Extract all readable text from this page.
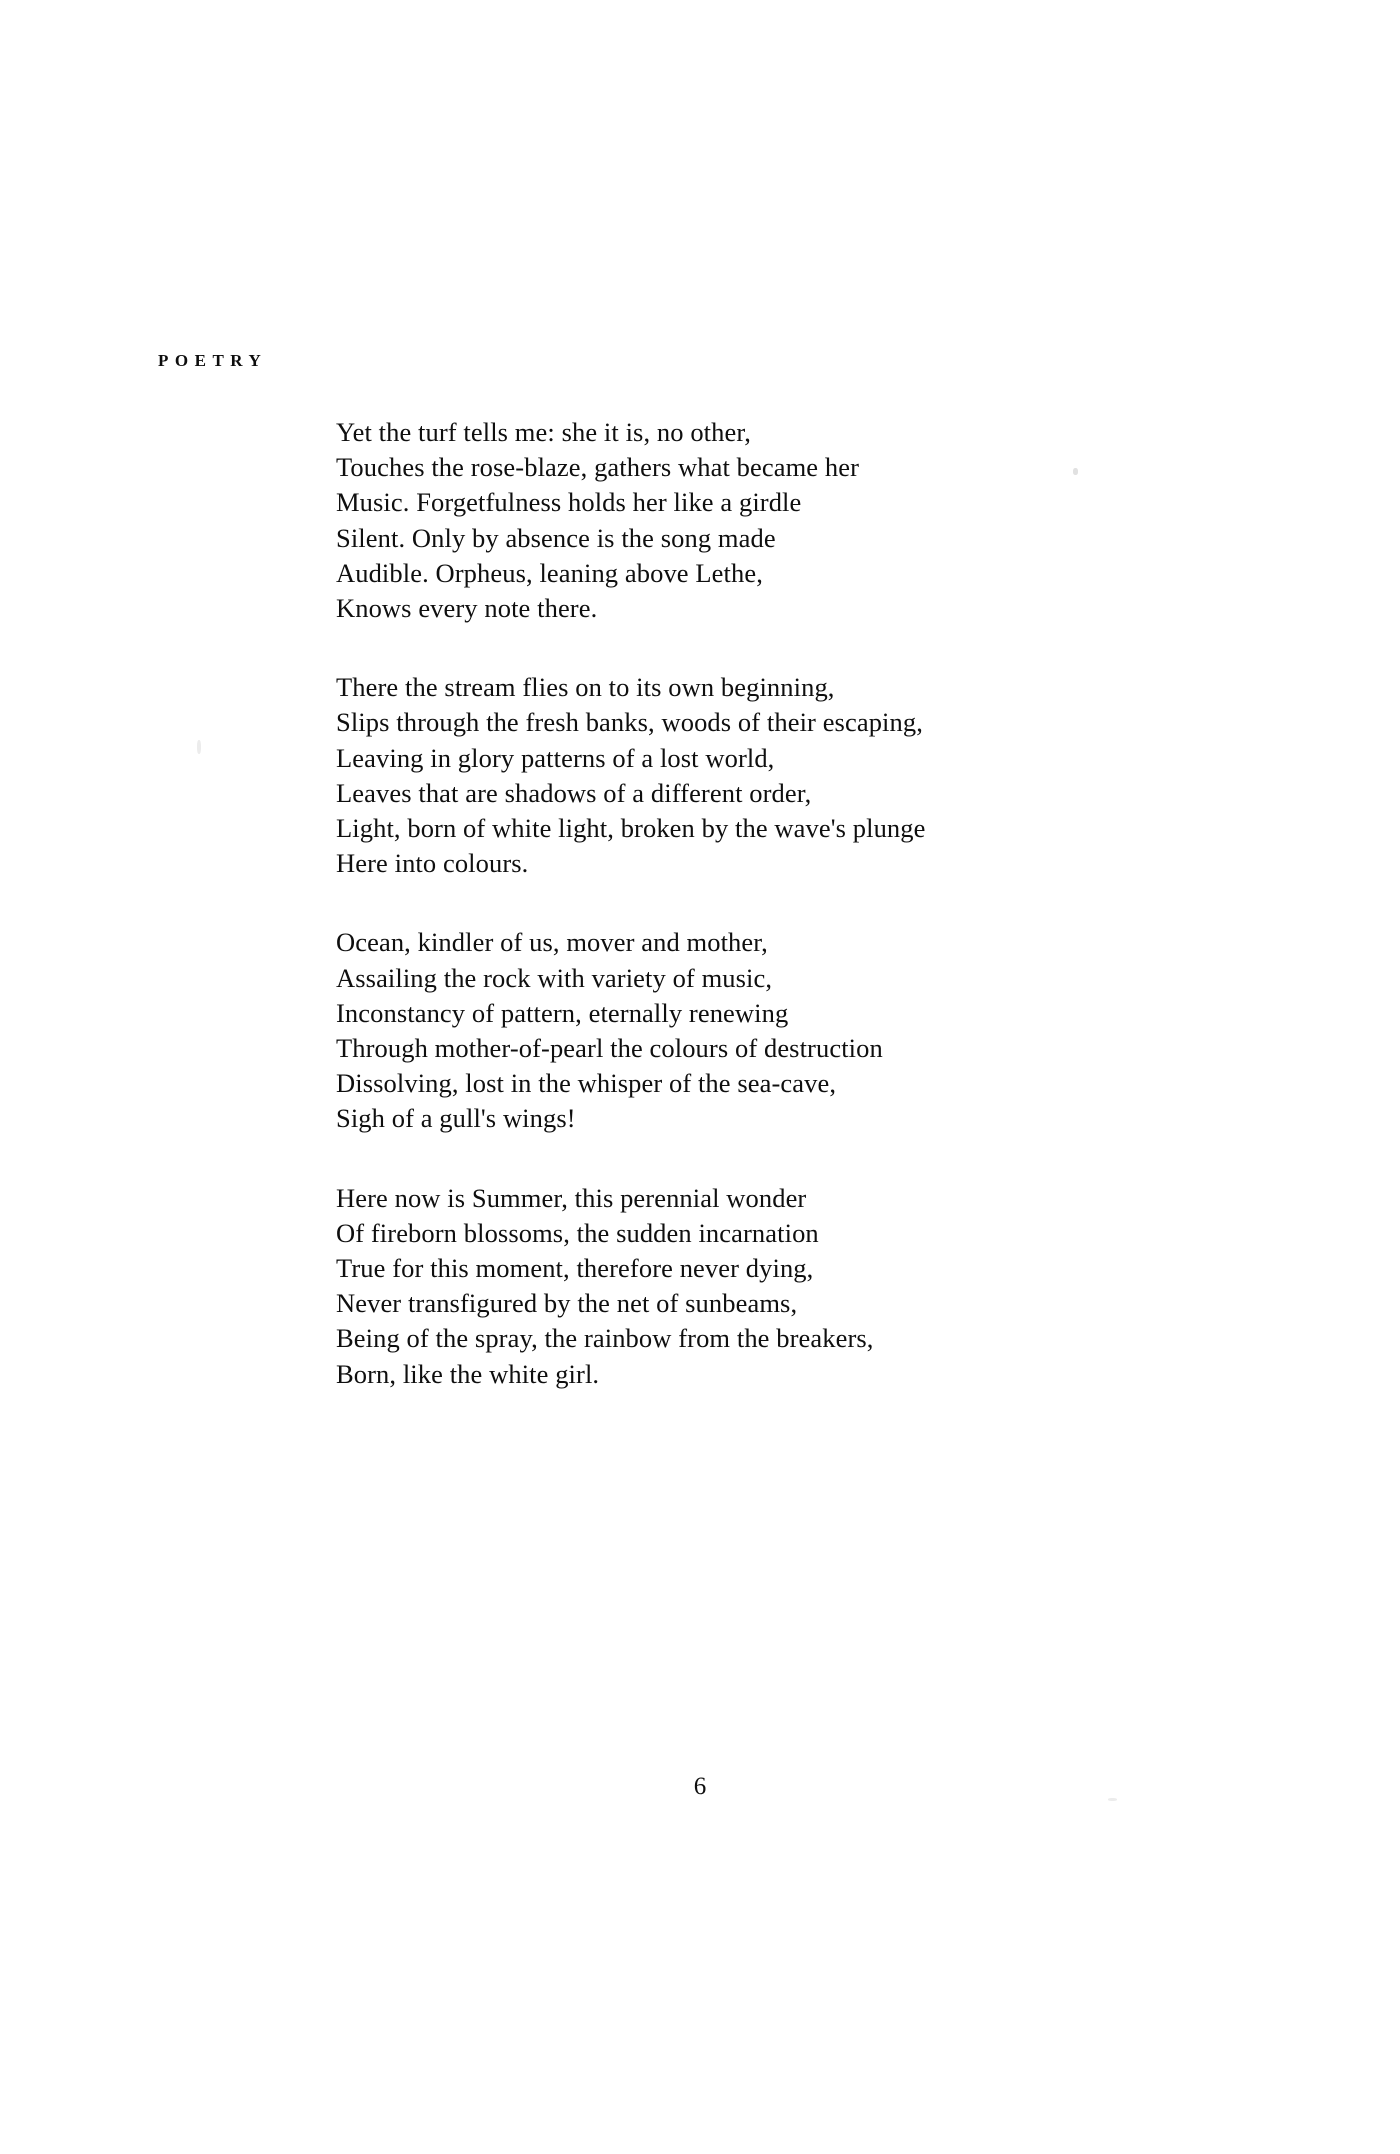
POETRY
Yet the turf tells me: she it is, no other,
Touches the rose-blaze, gathers what became her
Music. Forgetfulness holds her like a girdle
Silent. Only by absence is the song made
Audible. Orpheus, leaning above Lethe,
Knows every note there.
There the stream flies on to its own beginning,
Slips through the fresh banks, woods of their escaping,
Leaving in glory patterns of a lost world,
Leaves that are shadows of a different order,
Light, born of white light, broken by the wave's plunge
Here into colours.
Ocean, kindler of us, mover and mother,
Assailing the rock with variety of music,
Inconstancy of pattern, eternally renewing
Through mother-of-pearl the colours of destruction
Dissolving, lost in the whisper of the sea-cave,
Sigh of a gull's wings!
Here now is Summer, this perennial wonder
Of fireborn blossoms, the sudden incarnation
True for this moment, therefore never dying,
Never transfigured by the net of sunbeams,
Being of the spray, the rainbow from the breakers,
Born, like the white girl.
6
